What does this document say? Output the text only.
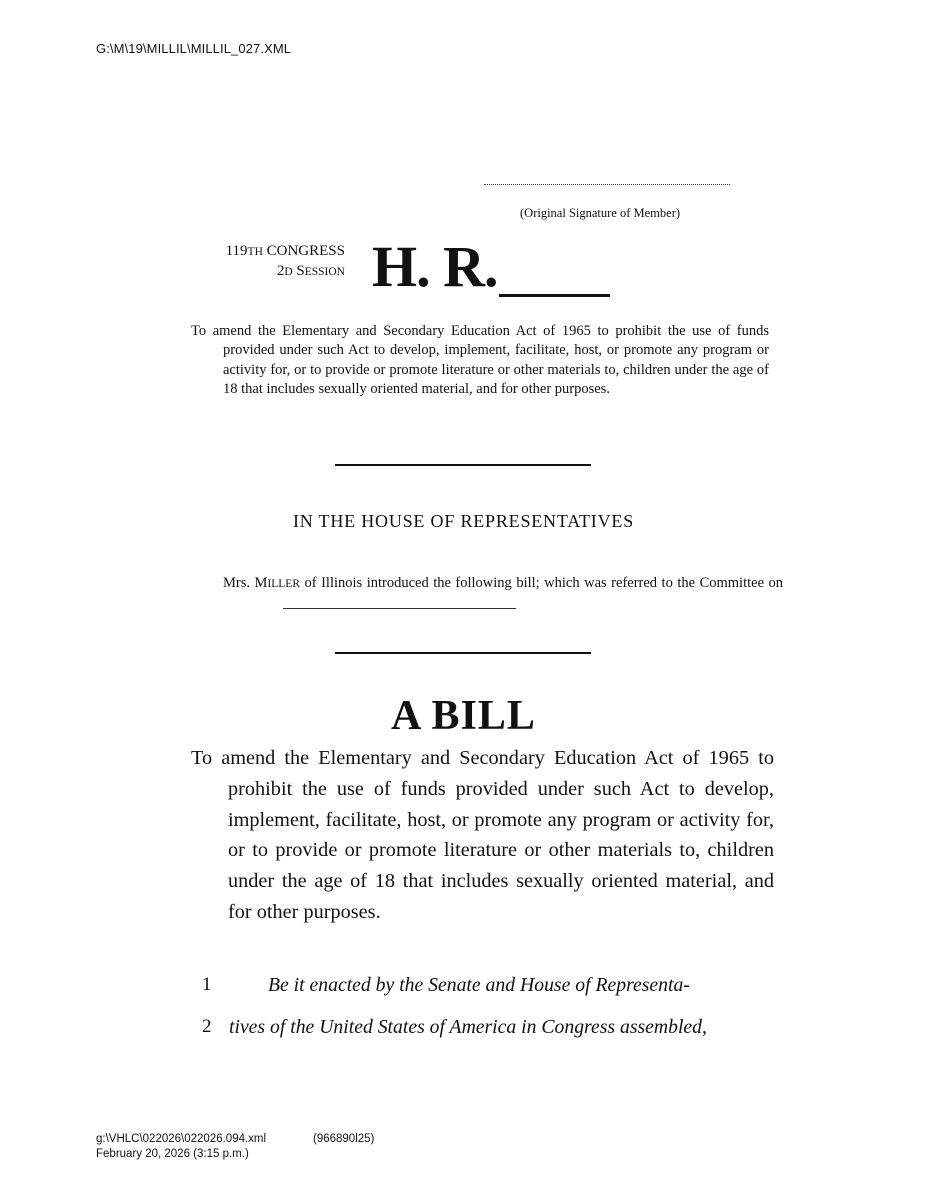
G:\M\19\MILLIL\MILLIL_027.XML
(Original Signature of Member)
119TH CONGRESS
2D SESSION H. R.

To amend the Elementary and Secondary Education Act of 1965 to prohibit the use of funds provided under such Act to develop, implement, facilitate, host, or promote any program or activity for, or to provide or promote literature or other materials to, children under the age of 18 that includes sexually oriented material, and for other purposes.

IN THE HOUSE OF REPRESENTATIVES

Mrs. MILLER of Illinois introduced the following bill; which was referred to the Committee on

A BILL

To amend the Elementary and Secondary Education Act of 1965 to prohibit the use of funds provided under such Act to develop, implement, facilitate, host, or promote any program or activity for, or to provide or promote literature or other materials to, children under the age of 18 that includes sexually oriented material, and for other purposes.

1	Be it enacted by the Senate and House of Representa-
2 tives of the United States of America in Congress assembled,
g:\VHLC\022026\022026.094.xml
February 20, 2026 (3:15 p.m.)
(966890l25)
